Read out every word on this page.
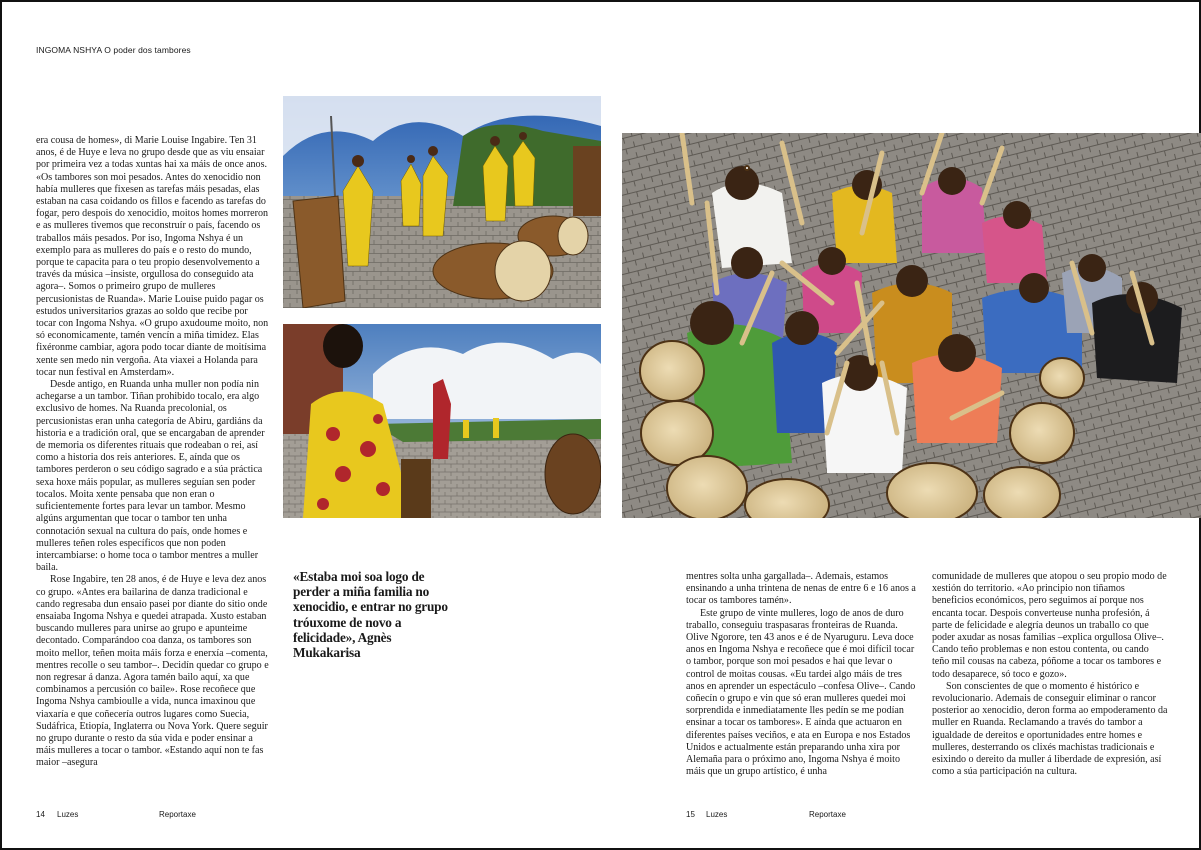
INGOMA NSHYA O poder dos tambores

era cousa de homes», di Marie Louise Ingabire. Ten 31 anos, é de Huye e leva no grupo desde que as viu ensaiar por primeira vez a todas xuntas hai xa máis de once anos. «Os tambores son moi pesados. Antes do xenocidio non había mulleres que fixesen as tarefas máis pesadas, elas estaban na casa coidando os fillos e facendo as tarefas do fogar, pero despois do xenocidio, moitos homes morreron e as mulleres tivemos que reconstruír o país, facendo os traballos máis pesados. Por iso, Ingoma Nshya é un exemplo para as mulleres do país e o resto do mundo, porque te capacita para o teu propio desenvolvemento a través da música –insiste, orgullosa do conseguido ata agora–. Somos o primeiro grupo de mulleres percusionistas de Ruanda». Marie Louise puido pagar os estudos universitarios grazas ao soldo que recibe por tocar con Ingoma Nshya. «O grupo axudoume moito, non só economicamente, tamén vencín a miña timidez. Elas fixéronme cambiar, agora podo tocar diante de moitísima xente sen medo nin vergoña. Ata viaxei a Holanda para tocar nun festival en Amsterdam».

Desde antigo, en Ruanda unha muller non podía nin achegarse a un tambor. Tiñan prohibido tocalo, era algo exclusivo de homes. Na Ruanda precolonial, os percusionistas eran unha categoría de Abiru, gardiáns da historia e a tradición oral, que se encargaban de aprender de memoria os diferentes rituais que rodeaban o rei, así como a historia dos reis anteriores. E, aínda que os tambores perderon o seu código sagrado e a súa práctica sexa hoxe máis popular, as mulleres seguían sen poder tocalos. Moita xente pensaba que non eran o suficientemente fortes para levar un tambor. Mesmo algúns argumentan que tocar o tambor ten unha connotación sexual na cultura do país, onde homes e mulleres teñen roles específicos que non poden intercambiarse: o home toca o tambor mentres a muller baila.

Rose Ingabire, ten 28 anos, é de Huye e leva dez anos co grupo. «Antes era bailarina de danza tradicional e cando regresaba dun ensaio pasei por diante do sitio onde ensaiaba Ingoma Nshya e quedei atrapada. Xusto estaban buscando mulleres para unirse ao grupo e apunteime decontado. Comparándoo coa danza, os tambores son moito mellor, teñen moita máis forza e enerxía –comenta, mentres recolle o seu tambor–. Decidín quedar co grupo e non regresar á danza. Agora tamén bailo aquí, xa que combinamos a percusión co baile». Rose recoñece que Ingoma Nshya cambioulle a vida, nunca imaxinou que viaxaría e que coñecería outros lugares como Suecia, Sudáfrica, Etiopía, Inglaterra ou Nova York. Quere seguir no grupo durante o resto da súa vida e poder ensinar a máis mulleres a tocar o tambor. «Estando aquí non te fas maior –asegura

«Estaba moi soa logo de perder a miña familia no xenocidio, e entrar no grupo tróuxome de novo a felicidade», Agnès Mukakarisa
14 Luzes	Reportaxe

mentres solta unha gargallada–. Ademais, estamos ensinando a unha trintena de nenas de entre 6 e 16 anos a tocar os tambores tamén».

Este grupo de vinte mulleres, logo de anos de duro traballo, conseguiu traspasaras fronteiras de Ruanda. Olive Ngorore, ten 43 anos e é de Nyaruguru. Leva doce anos en Ingoma Nshya e recoñece que é moi difícil tocar o tambor, porque son moi pesados e hai que levar o control de moitas cousas. «Eu tardei algo máis de tres anos en aprender un espectáculo –confesa Olive–. Cando coñecín o grupo e vin que só eran mulleres quedei moi sorprendida e inmediatamente lles pedín se me podían ensinar a tocar os tambores». E aínda que actuaron en diferentes países veciños, e ata en Europa e nos Estados Unidos e actualmente están preparando unha xira por Alemaña para o próximo ano, Ingoma Nshya é moito máis que un grupo artístico, é unha

comunidade de mulleres que atopou o seu propio modo de xestión do territorio. «Ao principio non tiñamos beneficios económicos, pero seguimos aí porque nos encanta tocar. Despois converteuse nunha profesión, á parte de felicidade e alegría deunos un traballo co que poder axudar as nosas familias –explica orgullosa Olive–. Cando teño problemas e non estou contenta, ou cando teño mil cousas na cabeza, póñome a tocar os tambores e todo desaparece, só toco e gozo».

Son conscientes de que o momento é histórico e revolucionario. Ademais de conseguir eliminar o rancor posterior ao xenocidio, deron forma ao empoderamento da muller en Ruanda. Reclamando a través do tambor a igualdade de dereitos e oportunidades entre homes e mulleres, desterrando os clixés machistas tradicionais e esixindo o dereito da muller á liberdade de expresión, así como a súa participación na cultura.

15 Luzes	Reportaxe
